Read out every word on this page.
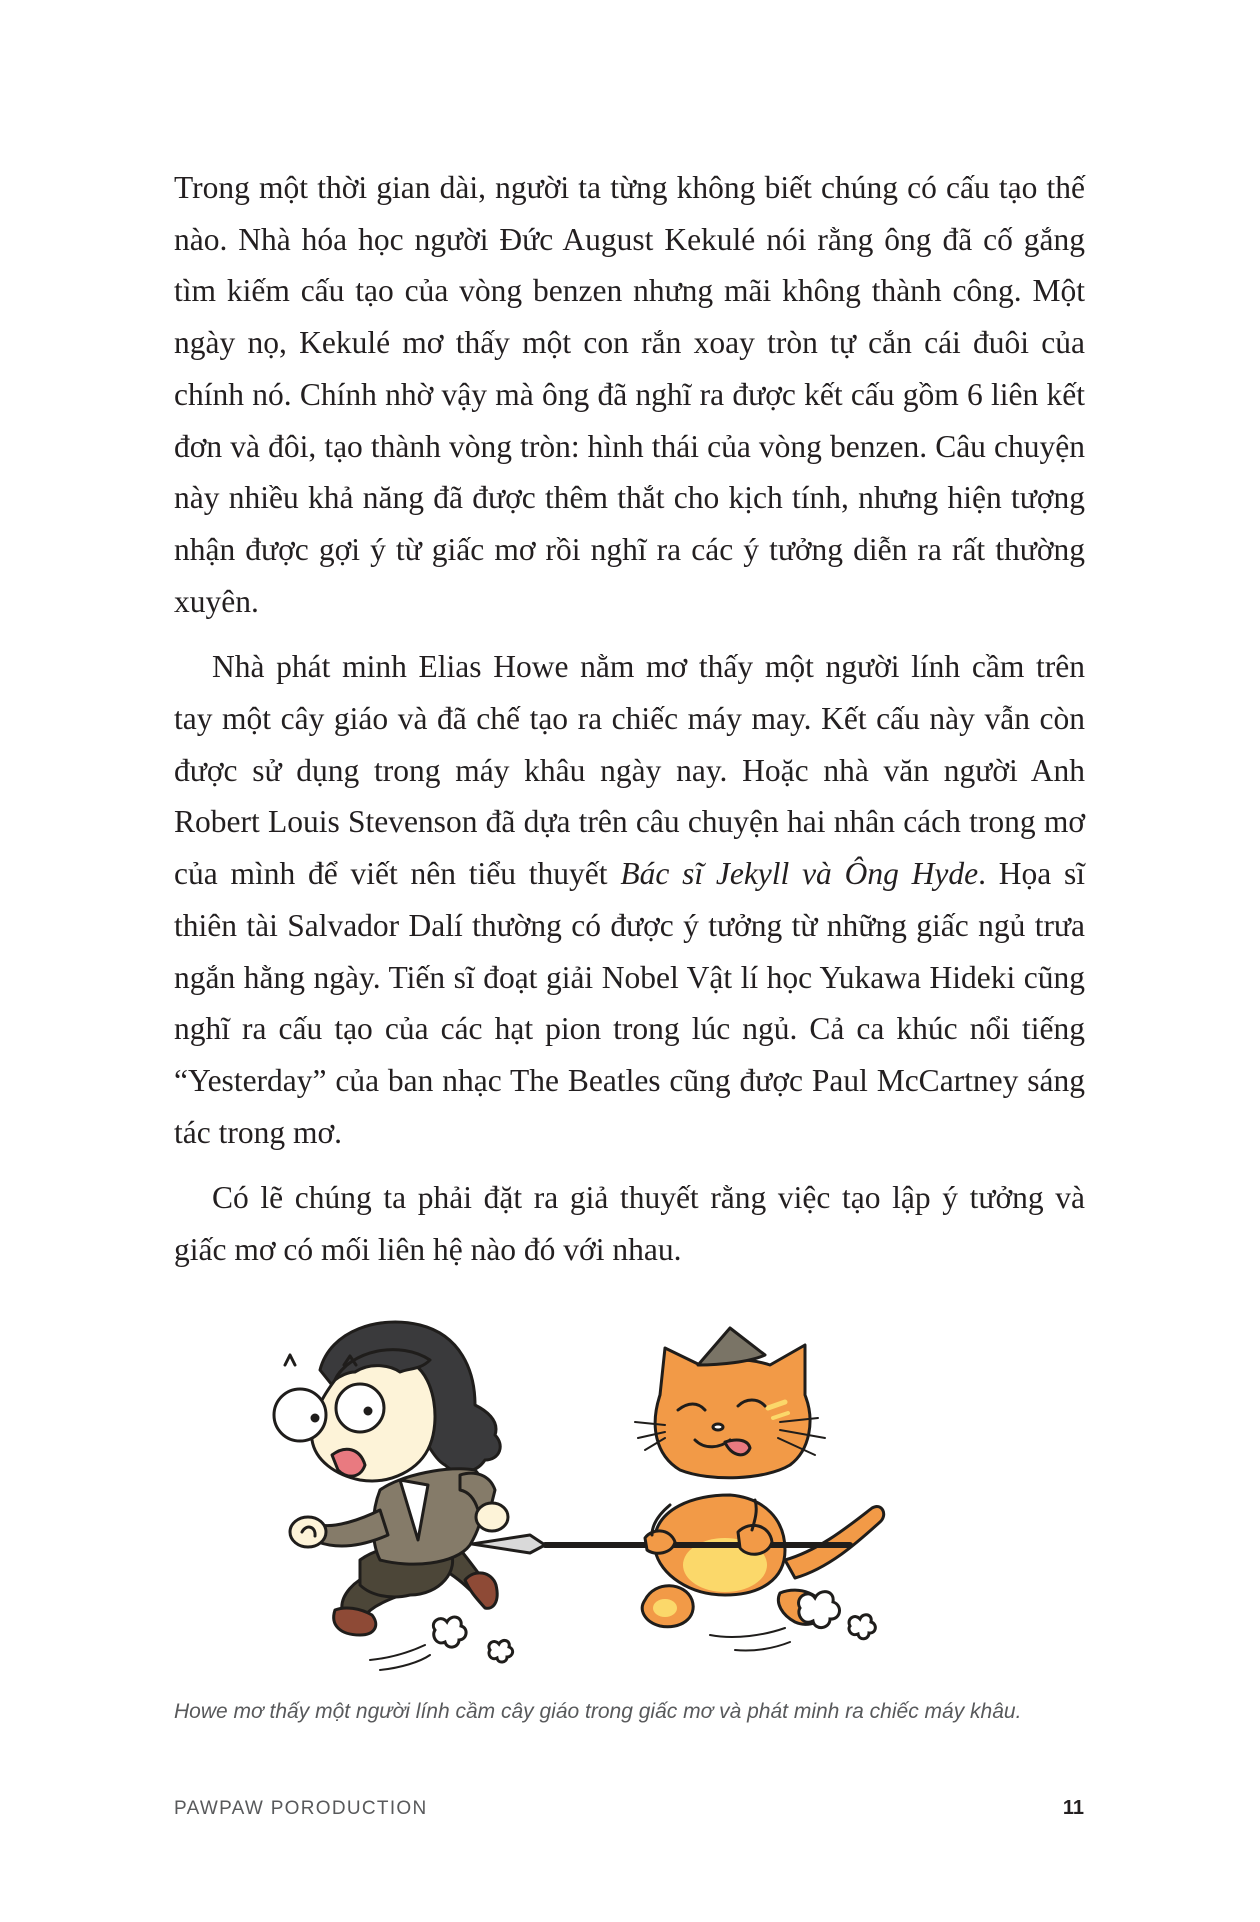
Trong một thời gian dài, người ta từng không biết chúng có cấu tạo thế nào. Nhà hóa học người Đức August Kekulé nói rằng ông đã cố gắng tìm kiếm cấu tạo của vòng benzen nhưng mãi không thành công. Một ngày nọ, Kekulé mơ thấy một con rắn xoay tròn tự cắn cái đuôi của chính nó. Chính nhờ vậy mà ông đã nghĩ ra được kết cấu gồm 6 liên kết đơn và đôi, tạo thành vòng tròn: hình thái của vòng benzen. Câu chuyện này nhiều khả năng đã được thêm thắt cho kịch tính, nhưng hiện tượng nhận được gợi ý từ giấc mơ rồi nghĩ ra các ý tưởng diễn ra rất thường xuyên.

Nhà phát minh Elias Howe nằm mơ thấy một người lính cầm trên tay một cây giáo và đã chế tạo ra chiếc máy may. Kết cấu này vẫn còn được sử dụng trong máy khâu ngày nay. Hoặc nhà văn người Anh Robert Louis Stevenson đã dựa trên câu chuyện hai nhân cách trong mơ của mình để viết nên tiểu thuyết Bác sĩ Jekyll và Ông Hyde. Họa sĩ thiên tài Salvador Dalí thường có được ý tưởng từ những giấc ngủ trưa ngắn hằng ngày. Tiến sĩ đoạt giải Nobel Vật lí học Yukawa Hideki cũng nghĩ ra cấu tạo của các hạt pion trong lúc ngủ. Cả ca khúc nổi tiếng “Yesterday” của ban nhạc The Beatles cũng được Paul McCartney sáng tác trong mơ.

Có lẽ chúng ta phải đặt ra giả thuyết rằng việc tạo lập ý tưởng và giấc mơ có mối liên hệ nào đó với nhau.

Howe mơ thấy một người lính cầm cây giáo trong giấc mơ và phát minh ra chiếc máy khâu.
PAWPAW PORODUCTION	11
